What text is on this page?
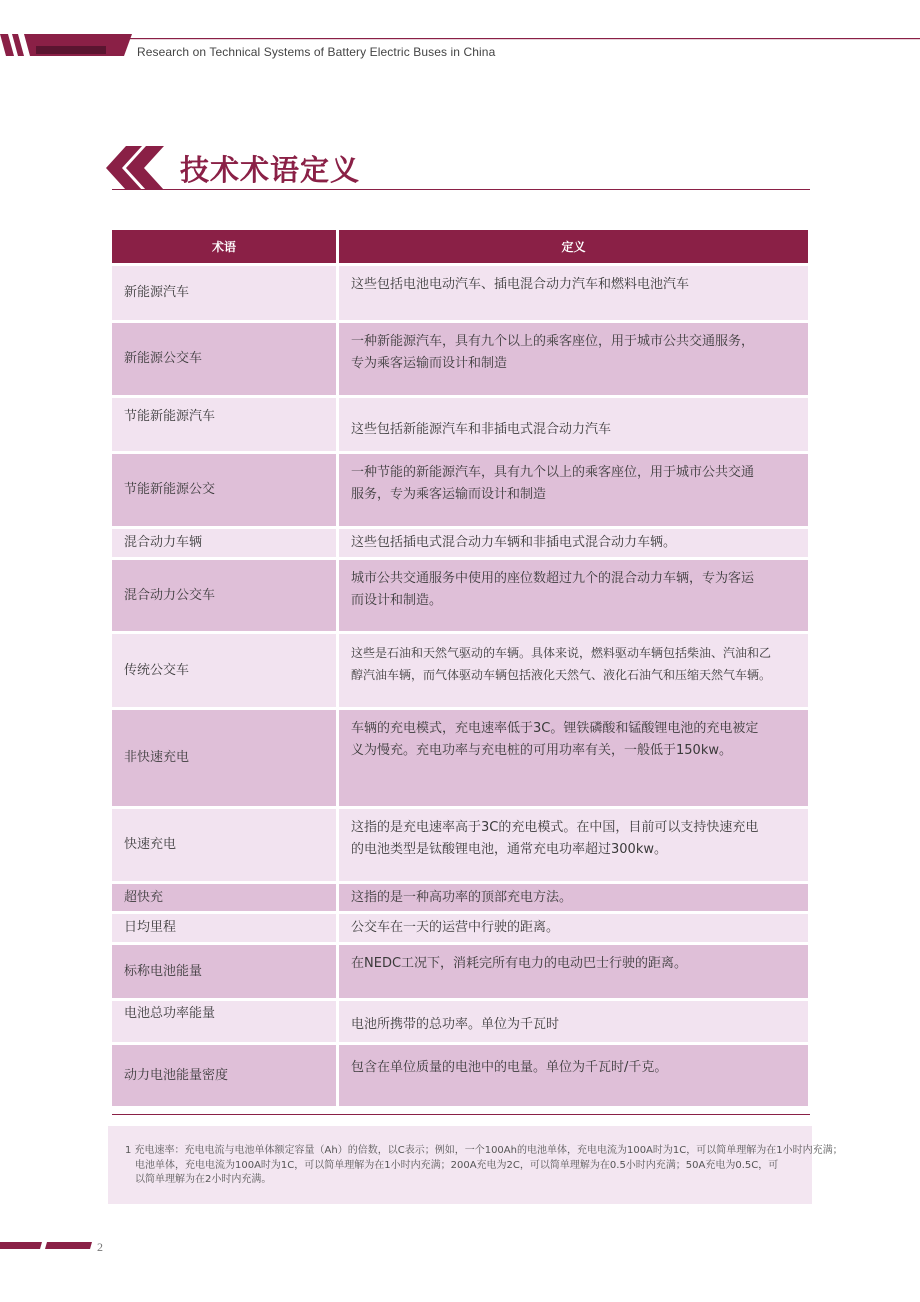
Research on Technical Systems of Battery Electric Buses in China
技术术语定义
术语	定义
新能源汽车	这些包括电池电动汽车、插电混合动力汽车和燃料电池汽车

新能源公交车	一种新能源汽车，具有九个以上的乘客座位，用于城市公共交通服务，
专为乘客运输而设计和制造

节能新能源汽车	这些包括新能源汽车和非插电式混合动力汽车

节能新能源公交	一种节能的新能源汽车，具有九个以上的乘客座位，用于城市公共交通
服务，专为乘客运输而设计和制造

混合动力车辆	这些包括插电式混合动力车辆和非插电式混合动力车辆。

混合动力公交车	城市公共交通服务中使用的座位数超过九个的混合动力车辆，专为客运
而设计和制造。

传统公交车	这些是石油和天然气驱动的车辆。具体来说，燃料驱动车辆包括柴油、汽油和乙
醇汽油车辆，而气体驱动车辆包括液化天然气、液化石油气和压缩天然气车辆。

非快速充电	车辆的充电模式，充电速率低于3C。锂铁磷酸和锰酸锂电池的充电被定
义为慢充。充电功率与充电桩的可用功率有关，一般低于150kw。

快速充电	这指的是充电速率高于3C的充电模式。在中国，目前可以支持快速充电
的电池类型是钛酸锂电池，通常充电功率超过300kw。

超快充	这指的是一种高功率的顶部充电方法。

日均里程	公交车在一天的运营中行驶的距离。

标称电池能量	在NEDC工况下，消耗完所有电力的电动巴士行驶的距离。

电池总功率能量	电池所携带的总功率。单位为千瓦时

动力电池能量密度	包含在单位质量的电池中的电量。单位为千瓦时/千克。
电池单体，充电电流为100A时为1C，可以简单理解为在1小时内充满；200A充电为2C，可以简单理解为在0.5小时内充满；50A充电为0.5C，可
以简单理解为在2小时内充满。
1 充电速率：充电电流与电池单体额定容量（Ah）的倍数，以C表示；例如，一个100Ah的电池单体，充电电流为100A时为1C，可以简单理解为在1小时内充满；
2
